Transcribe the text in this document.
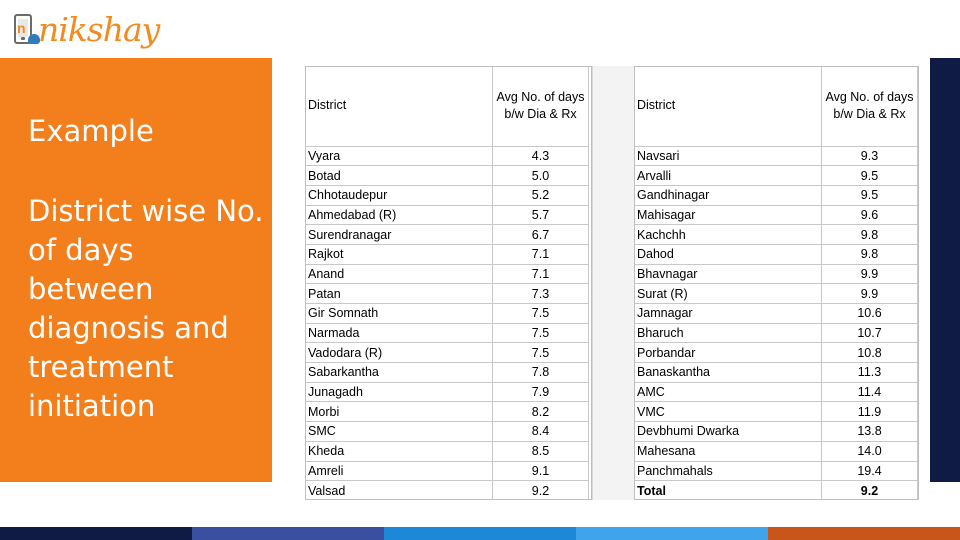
n nikshay
Example
District wise No. of days between diagnosis and treatment initiation
District	Avg No. of days b/w Dia & Rx
Vyara	4.3
Botad	5.0
Chhotaudepur	5.2
Ahmedabad (R)	5.7
Surendranagar	6.7
Rajkot	7.1
Anand	7.1
Patan	7.3
Gir Somnath	7.5
Narmada	7.5
Vadodara (R)	7.5
Sabarkantha	7.8
Junagadh	7.9
Morbi	8.2
SMC	8.4
Kheda	8.5
Amreli	9.1
Valsad	9.2
District	Avg No. of days b/w Dia & Rx
Navsari	9.3
Arvalli	9.5
Gandhinagar	9.5
Mahisagar	9.6
Kachchh	9.8
Dahod	9.8
Bhavnagar	9.9
Surat (R)	9.9
Jamnagar	10.6
Bharuch	10.7
Porbandar	10.8
Banaskantha	11.3
AMC	11.4
VMC	11.9
Devbhumi Dwarka	13.8
Mahesana	14.0
Panchmahals	19.4
Total	9.2
